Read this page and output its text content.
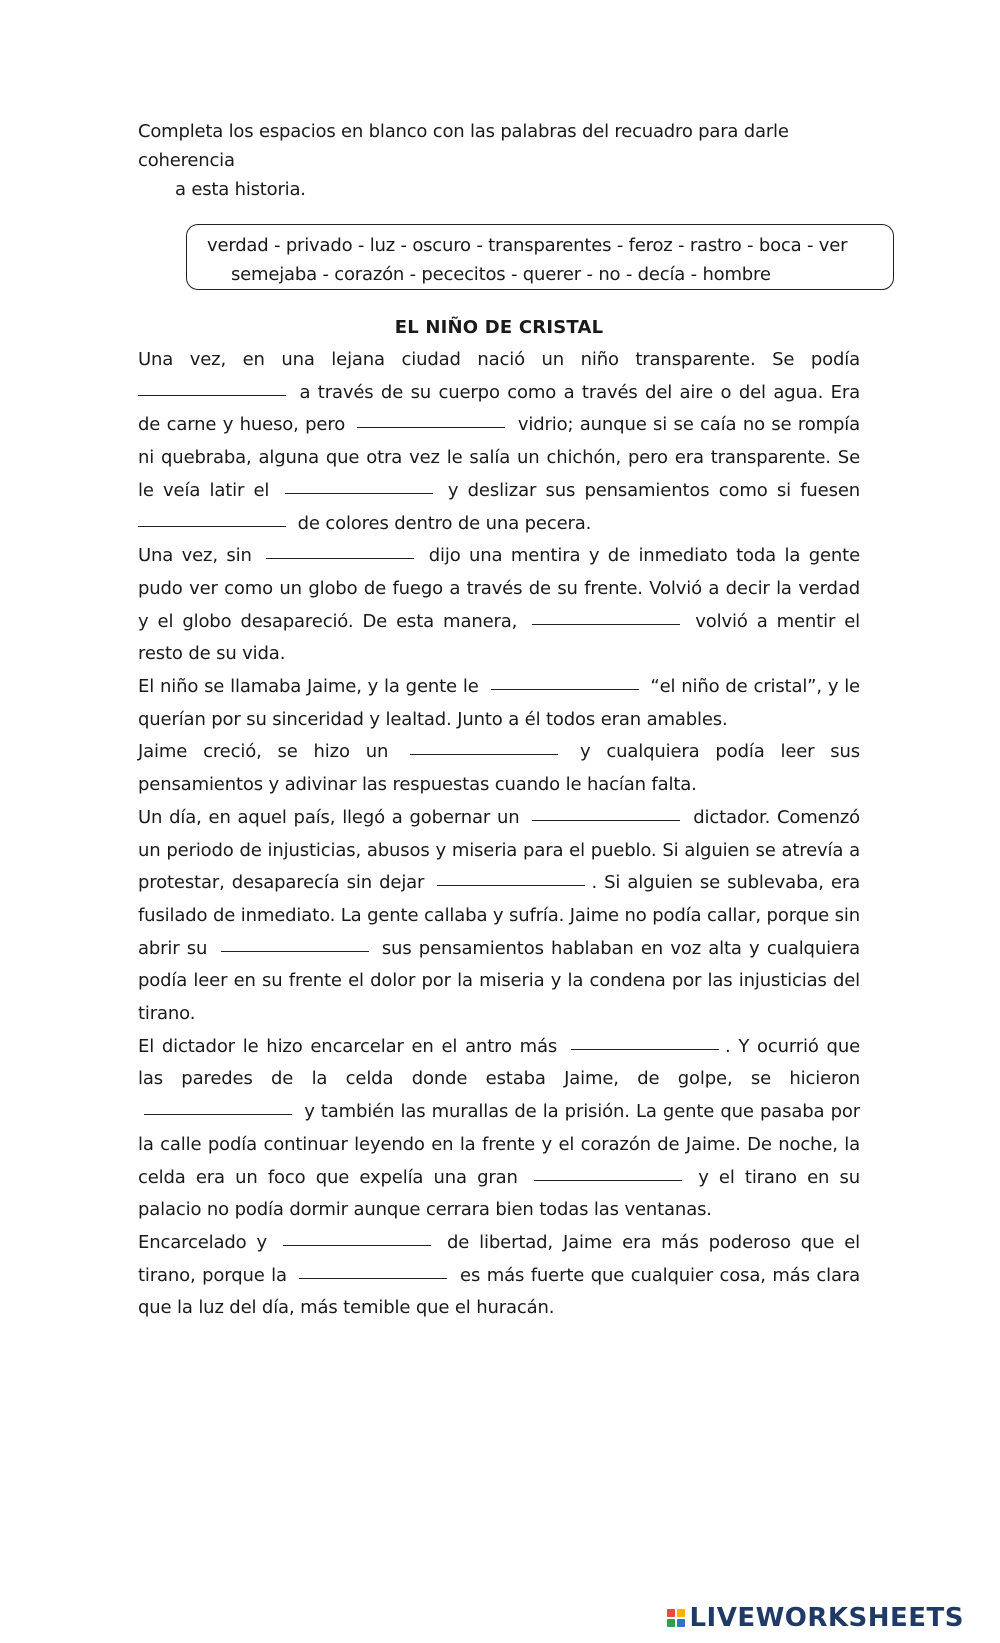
Completa los espacios en blanco con las palabras del recuadro para darle coherencia
a esta historia.
verdad - privado - luz - oscuro - transparentes - feroz - rastro - boca - ver
semejaba - corazón - pececitos - querer - no - decía - hombre
EL NIÑO DE CRISTAL

Una vez, en una lejana ciudad nació un niño transparente. Se podía  a través de su cuerpo como a través del aire o del agua. Era de carne y hueso, pero	vidrio; aunque si se caía no se rompía ni quebraba, alguna que otra vez le salía un chichón, pero era transparente. Se le veía latir el	y deslizar sus pensamientos como si fuesen  de colores dentro de una pecera.

Una vez, sin	dijo una mentira y de inmediato toda la gente pudo ver como un globo de fuego a través de su frente. Volvió a decir la verdad y el globo desapareció. De esta manera,	volvió a mentir el resto de su vida.

El niño se llamaba Jaime, y la gente le	“el niño de cristal”, y le querían por su sinceridad y lealtad. Junto a él todos eran amables.

Jaime creció, se hizo un	y cualquiera podía leer sus pensamientos y adivinar las respuestas cuando le hacían falta.

Un día, en aquel país, llegó a gobernar un	dictador. Comenzó un periodo de injusticias, abusos y miseria para el pueblo. Si alguien se atrevía a protestar, desaparecía sin dejar	. Si alguien se sublevaba, era fusilado de inmediato. La gente callaba y sufría. Jaime no podía callar, porque sin abrir su	sus pensamientos hablaban en voz alta y cualquiera podía leer en su frente el dolor por la miseria y la condena por las injusticias del tirano.

El dictador le hizo encarcelar en el antro más	. Y ocurrió que las paredes de la celda donde estaba Jaime, de golpe, se hicieron  y también las murallas de la prisión. La gente que pasaba por la calle podía continuar leyendo en la frente y el corazón de Jaime. De noche, la celda era un foco que expelía una gran	y el tirano en su palacio no podía dormir aunque cerrara bien todas las ventanas.

Encarcelado y	de libertad, Jaime era más poderoso que el tirano, porque la	es más fuerte que cualquier cosa, más clara que la luz del día, más temible que el huracán.

LIVEWORKSHEETS
